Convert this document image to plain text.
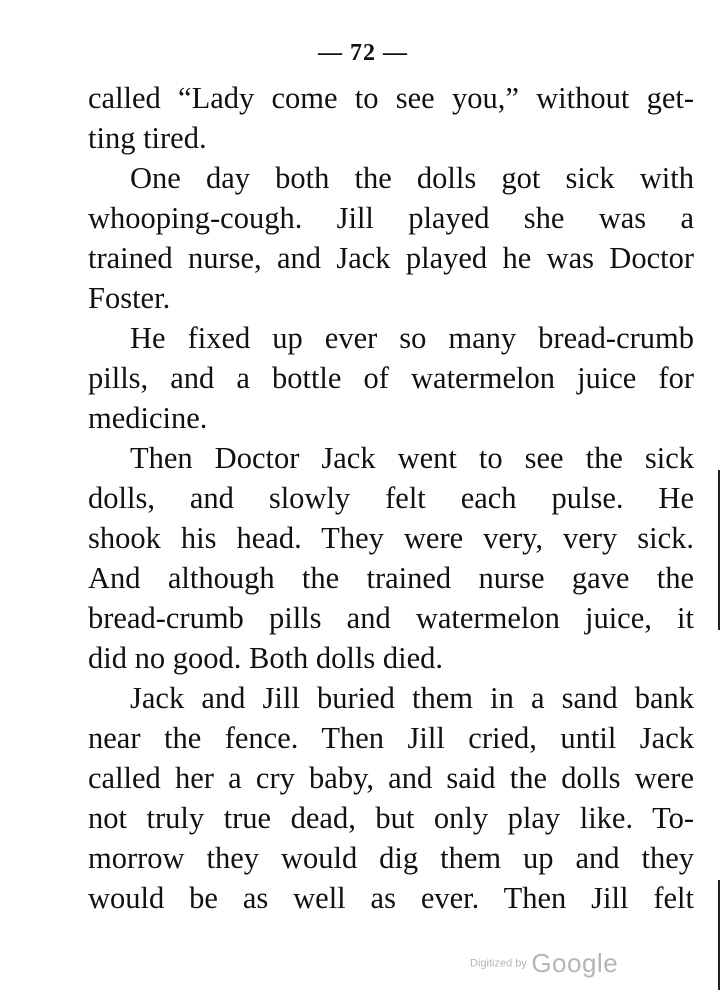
— 72 —
called “Lady come to see you,” without get-
ting tired.
One day both the dolls got sick with
whooping-cough. Jill played she was a
trained nurse, and Jack played he was Doctor
Foster.
He fixed up ever so many bread-crumb
pills, and a bottle of watermelon juice for
medicine.
Then Doctor Jack went to see the sick
dolls, and slowly felt each pulse. He
shook his head. They were very, very sick.
And although the trained nurse gave the
bread-crumb pills and watermelon juice, it
did no good. Both dolls died.
Jack and Jill buried them in a sand bank
near the fence. Then Jill cried, until Jack
called her a cry baby, and said the dolls were
not truly true dead, but only play like. To-
morrow they would dig them up and they
would be as well as ever. Then Jill felt
Digitized by Google
